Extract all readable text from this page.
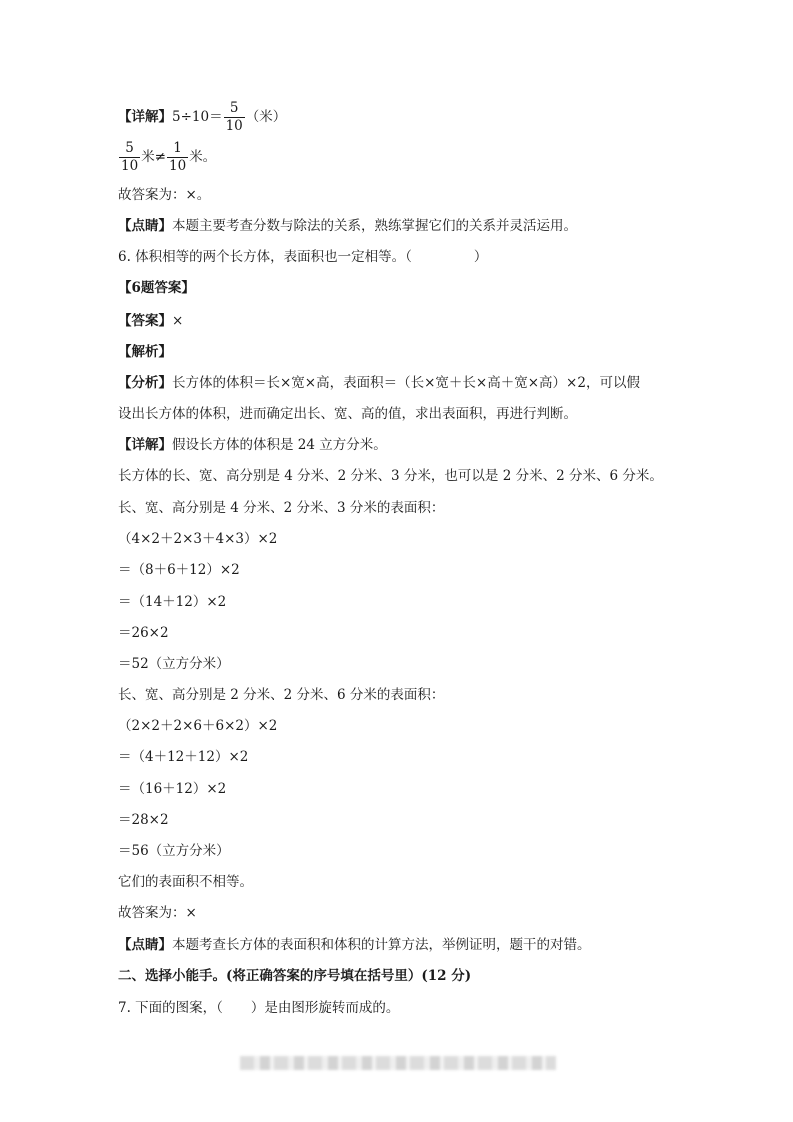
【详解】$5\div 10= \frac{5}{10}$ （米）
$\frac{5}{10}$ 米≠ $\frac{1}{10}$ 米。
故答案为：×。
【点睛】本题主要考查分数与除法的关系，熟练掌握它们的关系并灵活运用。
6. 体积相等的两个长方体，表面积也一定相等。（	）
【6题答案】
【答案】×
【解析】
【分析】长方体的体积＝长×宽×高，表面积＝（长×宽＋长×高＋宽×高）×2，可以假
设出长方体的体积，进而确定出长、宽、高的值，求出表面积，再进行判断。
【详解】假设长方体的体积是 24 立方分米。
长方体的长、宽、高分别是 4 分米、2 分米、3 分米，也可以是 2 分米、2 分米、6 分米。
长、宽、高分别是 4 分米、2 分米、3 分米的表面积：
（4×2＋2×3＋4×3）×2
＝（8＋6＋12）×2
＝（14＋12）×2
＝26×2
＝52（立方分米）
长、宽、高分别是 2 分米、2 分米、6 分米的表面积：
（2×2＋2×6＋6×2）×2
＝（4＋12＋12）×2
＝（16＋12）×2
＝28×2
＝56（立方分米）
它们的表面积不相等。
故答案为：×
【点睛】本题考查长方体的表面积和体积的计算方法，举例证明，题干的对错。
二、选择小能手。(将正确答案的序号填在括号里）(12 分)
7. 下面的图案，（ ）是由图形旋转而成的。
